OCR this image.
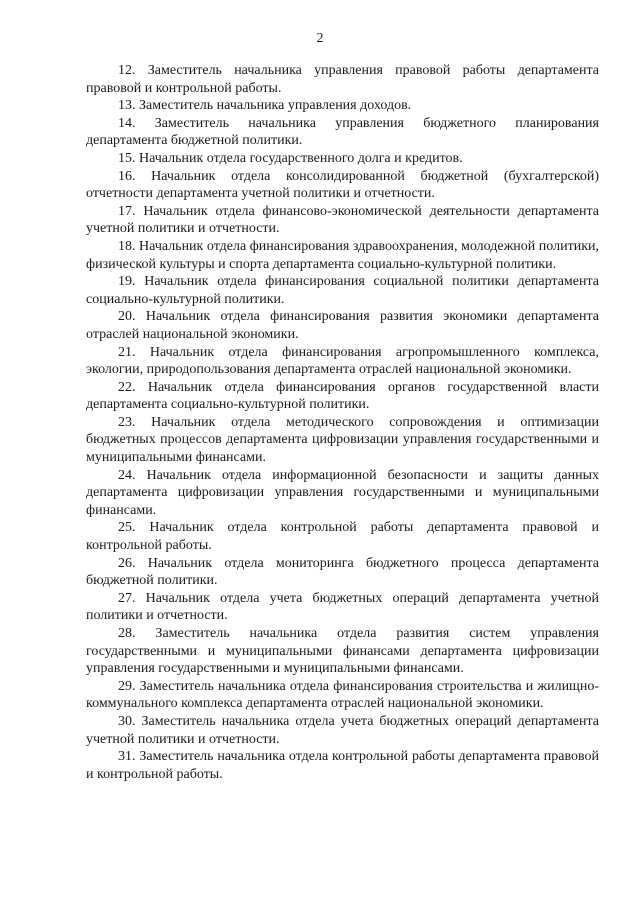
2

12. Заместитель начальника управления правовой работы департамента правовой и контрольной работы.

13. Заместитель начальника управления доходов.

14. Заместитель начальника управления бюджетного планирования департамента бюджетной политики.

15. Начальник отдела государственного долга и кредитов.

16. Начальник отдела консолидированной бюджетной (бухгалтерской) отчетности департамента учетной политики и отчетности.

17. Начальник отдела финансово-экономической деятельности департамента учетной политики и отчетности.

18. Начальник отдела финансирования здравоохранения, молодежной политики, физической культуры и спорта департамента социально-культурной политики.

19. Начальник отдела финансирования социальной политики департамента социально-культурной политики.

20. Начальник отдела финансирования развития экономики департамента отраслей национальной экономики.

21. Начальник отдела финансирования агропромышленного комплекса, экологии, природопользования департамента отраслей национальной экономики.

22. Начальник отдела финансирования органов государственной власти департамента социально-культурной политики.

23. Начальник отдела методического сопровождения и оптимизации бюджетных процессов департамента цифровизации управления государственными и муниципальными финансами.

24. Начальник отдела информационной безопасности и защиты данных департамента цифровизации управления государственными и муниципальными финансами.

25. Начальник отдела контрольной работы департамента правовой и контрольной работы.

26. Начальник отдела мониторинга бюджетного процесса департамента бюджетной политики.

27. Начальник отдела учета бюджетных операций департамента учетной политики и отчетности.

28. Заместитель начальника отдела развития систем управления государственными и муниципальными финансами департамента цифровизации управления государственными и муниципальными финансами.

29. Заместитель начальника отдела финансирования строительства и жилищно-коммунального комплекса департамента отраслей национальной экономики.

30. Заместитель начальника отдела учета бюджетных операций департамента учетной политики и отчетности.

31. Заместитель начальника отдела контрольной работы департамента правовой и контрольной работы.
